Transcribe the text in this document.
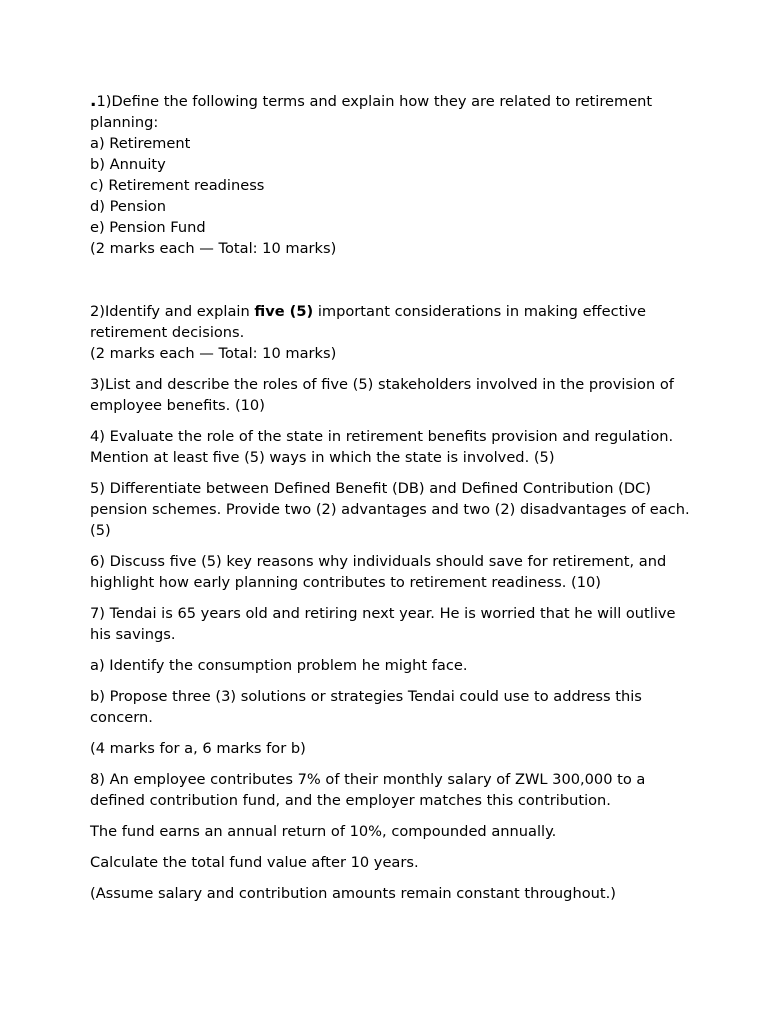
.1)Define the following terms and explain how they are related to retirement planning:
a) Retirement
b) Annuity
c) Retirement readiness
d) Pension
e) Pension Fund
(2 marks each — Total: 10 marks)
2)Identify and explain five (5) important considerations in making effective retirement decisions.
(2 marks each — Total: 10 marks)
3)List and describe the roles of five (5) stakeholders involved in the provision of employee benefits. (10)
4) Evaluate the role of the state in retirement benefits provision and regulation. Mention at least five (5) ways in which the state is involved. (5)
5) Differentiate between Defined Benefit (DB) and Defined Contribution (DC) pension schemes. Provide two (2) advantages and two (2) disadvantages of each.(5)
6) Discuss five (5) key reasons why individuals should save for retirement, and highlight how early planning contributes to retirement readiness. (10)
7) Tendai is 65 years old and retiring next year. He is worried that he will outlive his savings.
a) Identify the consumption problem he might face.
b) Propose three (3) solutions or strategies Tendai could use to address this concern.
(4 marks for a, 6 marks for b)
8) An employee contributes 7% of their monthly salary of ZWL 300,000 to a defined contribution fund, and the employer matches this contribution.
The fund earns an annual return of 10%, compounded annually.
Calculate the total fund value after 10 years.
(Assume salary and contribution amounts remain constant throughout.)
